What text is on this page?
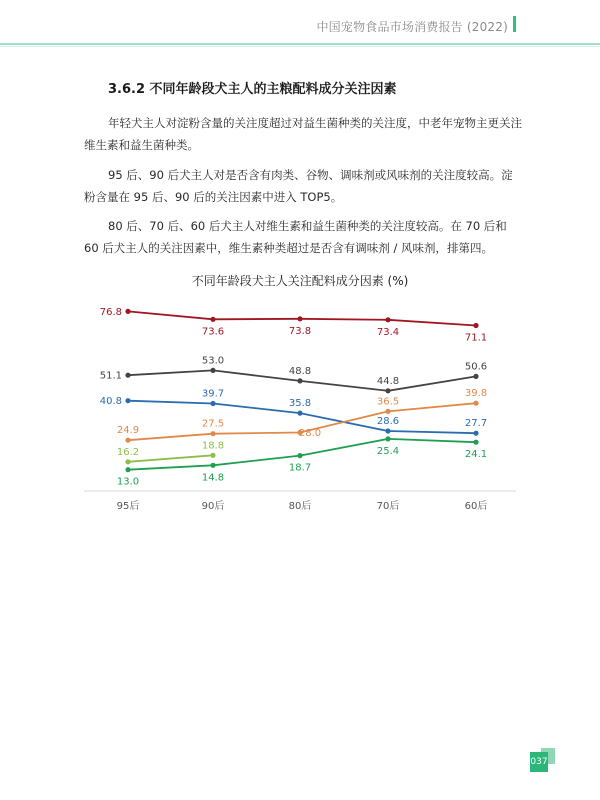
中国宠物食品市场消费报告 (2022)
3.6.2 不同年龄段犬主人的主粮配料成分关注因素

年轻犬主人对淀粉含量的关注度超过对益生菌种类的关注度，中老年宠物主更关注维生素和益生菌种类。

95 后、90 后犬主人对是否含有肉类、谷物、调味剂或风味剂的关注度较高。淀粉含量在 95 后、90 后的关注因素中进入 TOP5。

80 后、70 后、60 后犬主人对维生素和益生菌种类的关注度较高。在 70 后和 60 后犬主人的关注因素中，维生素种类超过是否含有调味剂 / 风味剂，排第四。

不同年龄段犬主人关注配料成分因素 (%)
95后	90后	80后	70后	60后
76.8
73.6	73.8	73.4
71.1
51.1
53.0
48.8
44.8
50.6
40.8
39.7
35.8
28.6	27.7
24.9
27.5
28.0
36.5
39.8
16.2
18.8
13.0	14.8
18.7
25.4	24.1
037
